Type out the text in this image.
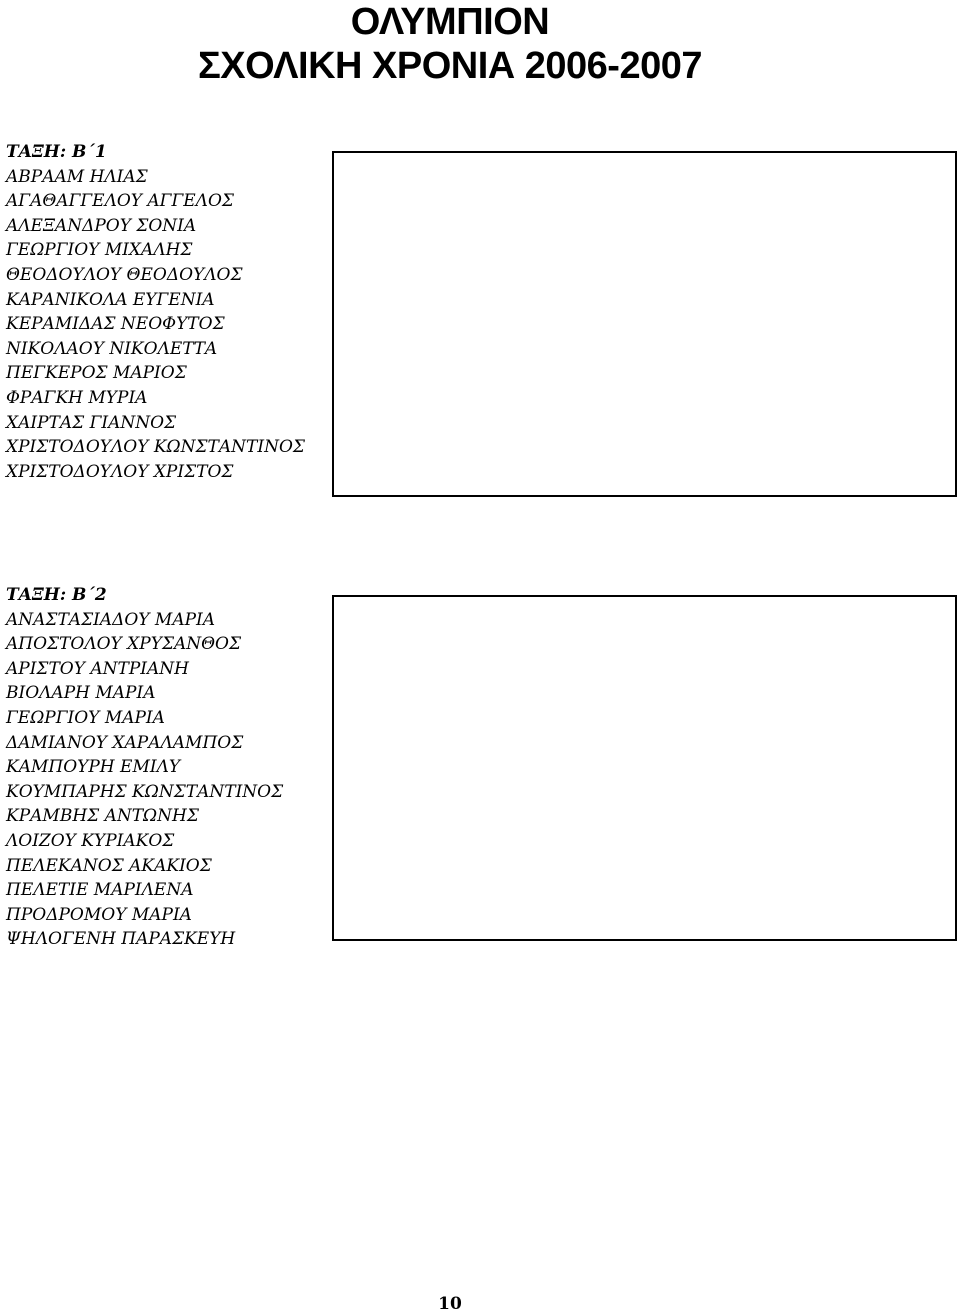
ΟΛΥΜΠΙΟΝ
ΣΧΟΛΙΚΗ ΧΡΟΝΙΑ 2006-2007
ΤΑΞΗ: Β΄1
ΑΒΡΑΑΜ ΗΛΙΑΣ
ΑΓΑΘΑΓΓΕΛΟΥ ΑΓΓΕΛΟΣ
ΑΛΕΞΑΝΔΡΟΥ ΣΟΝΙΑ
ΓΕΩΡΓΙΟΥ ΜΙΧΑΛΗΣ
ΘΕΟΔΟΥΛΟΥ ΘΕΟΔΟΥΛΟΣ
ΚΑΡΑΝΙΚΟΛΑ ΕΥΓΕΝΙΑ
ΚΕΡΑΜΙΔΑΣ ΝΕΟΦΥΤΟΣ
ΝΙΚΟΛΑΟΥ ΝΙΚΟΛΕΤΤΑ
ΠΕΓΚΕΡΟΣ ΜΑΡΙΟΣ
ΦΡΑΓΚΗ ΜΥΡΙΑ
ΧΑΙΡΤΑΣ ΓΙΑΝΝΟΣ
ΧΡΙΣΤΟΔΟΥΛΟΥ ΚΩΝΣΤΑΝΤΙΝΟΣ
ΧΡΙΣΤΟΔΟΥΛΟΥ ΧΡΙΣΤΟΣ
ΤΑΞΗ: Β΄2
ΑΝΑΣΤΑΣΙΑΔΟΥ ΜΑΡΙΑ
ΑΠΟΣΤΟΛΟΥ ΧΡΥΣΑΝΘΟΣ
ΑΡΙΣΤΟΥ ΑΝΤΡΙΑΝΗ
ΒΙΟΛΑΡΗ ΜΑΡΙΑ
ΓΕΩΡΓΙΟΥ ΜΑΡΙΑ
ΔΑΜΙΑΝΟΥ ΧΑΡΑΛΑΜΠΟΣ
ΚΑΜΠΟΥΡΗ ΕΜΙΛΥ
ΚΟΥΜΠΑΡΗΣ ΚΩΝΣΤΑΝΤΙΝΟΣ
ΚΡΑΜΒΗΣ ΑΝΤΩΝΗΣ
ΛΟΙΖΟΥ ΚΥΡΙΑΚΟΣ
ΠΕΛΕΚΑΝΟΣ ΑΚΑΚΙΟΣ
ΠΕΛΕΤΙΕ ΜΑΡΙΛΕΝΑ
ΠΡΟΔΡΟΜΟΥ ΜΑΡΙΑ
ΨΗΛΟΓΕΝΗ ΠΑΡΑΣΚΕΥΗ
10
